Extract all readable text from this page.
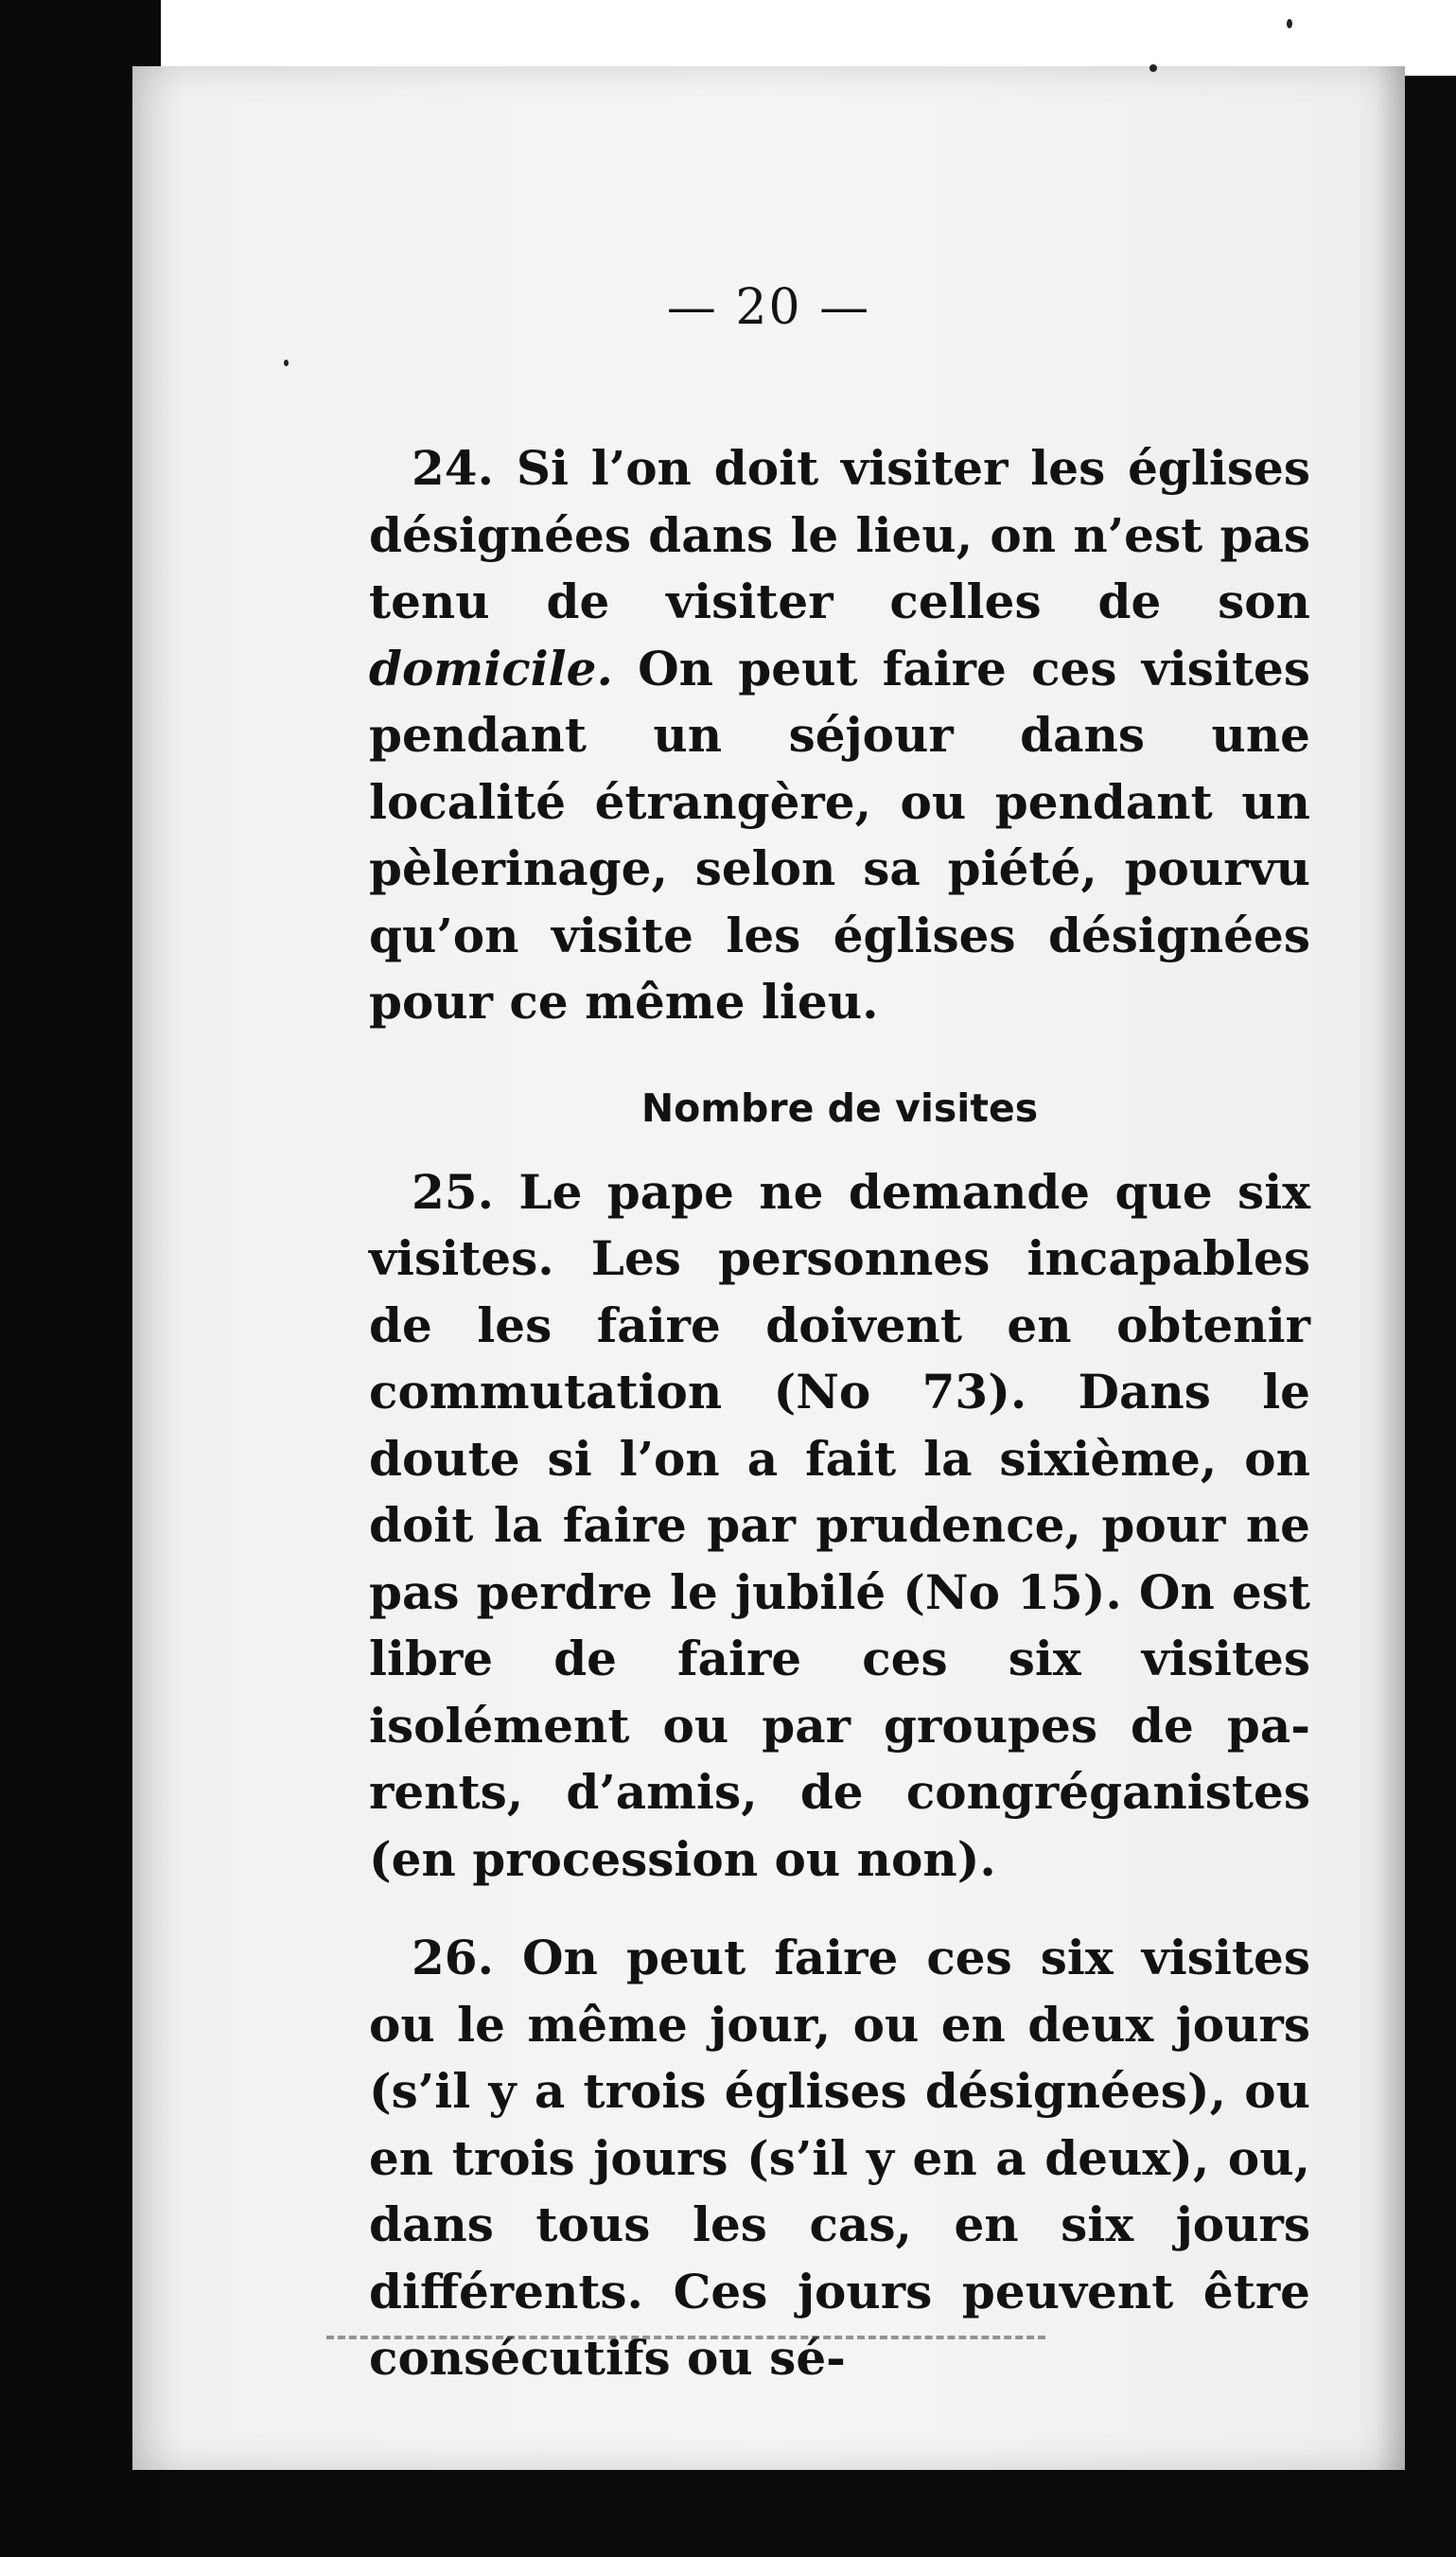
— 20 —

24. Si l’on doit visiter les églises désignées dans le lieu, on n’est pas tenu de visiter celles de son domicile. On peut faire ces visites pendant un séjour dans une localité étrangère, ou pendant un pèlerinage, selon sa piété, pourvu qu’on visite les églises désignées pour ce même lieu.

Nombre de visites

25. Le pape ne demande que six visites. Les personnes incapables de les faire doivent en obtenir commutation (No 73). Dans le doute si l’on a fait la sixième, on doit la faire par prudence, pour ne pas perdre le jubilé (No 15). On est libre de faire ces six visites isolément ou par groupes de parents, d’amis, de congréganistes (en procession ou non).

26. On peut faire ces six visites ou le même jour, ou en deux jours (s’il y a trois églises désignées), ou en trois jours (s’il y en a deux), ou, dans tous les cas, en six jours différents. Ces jours peuvent être consécutifs ou sé-
